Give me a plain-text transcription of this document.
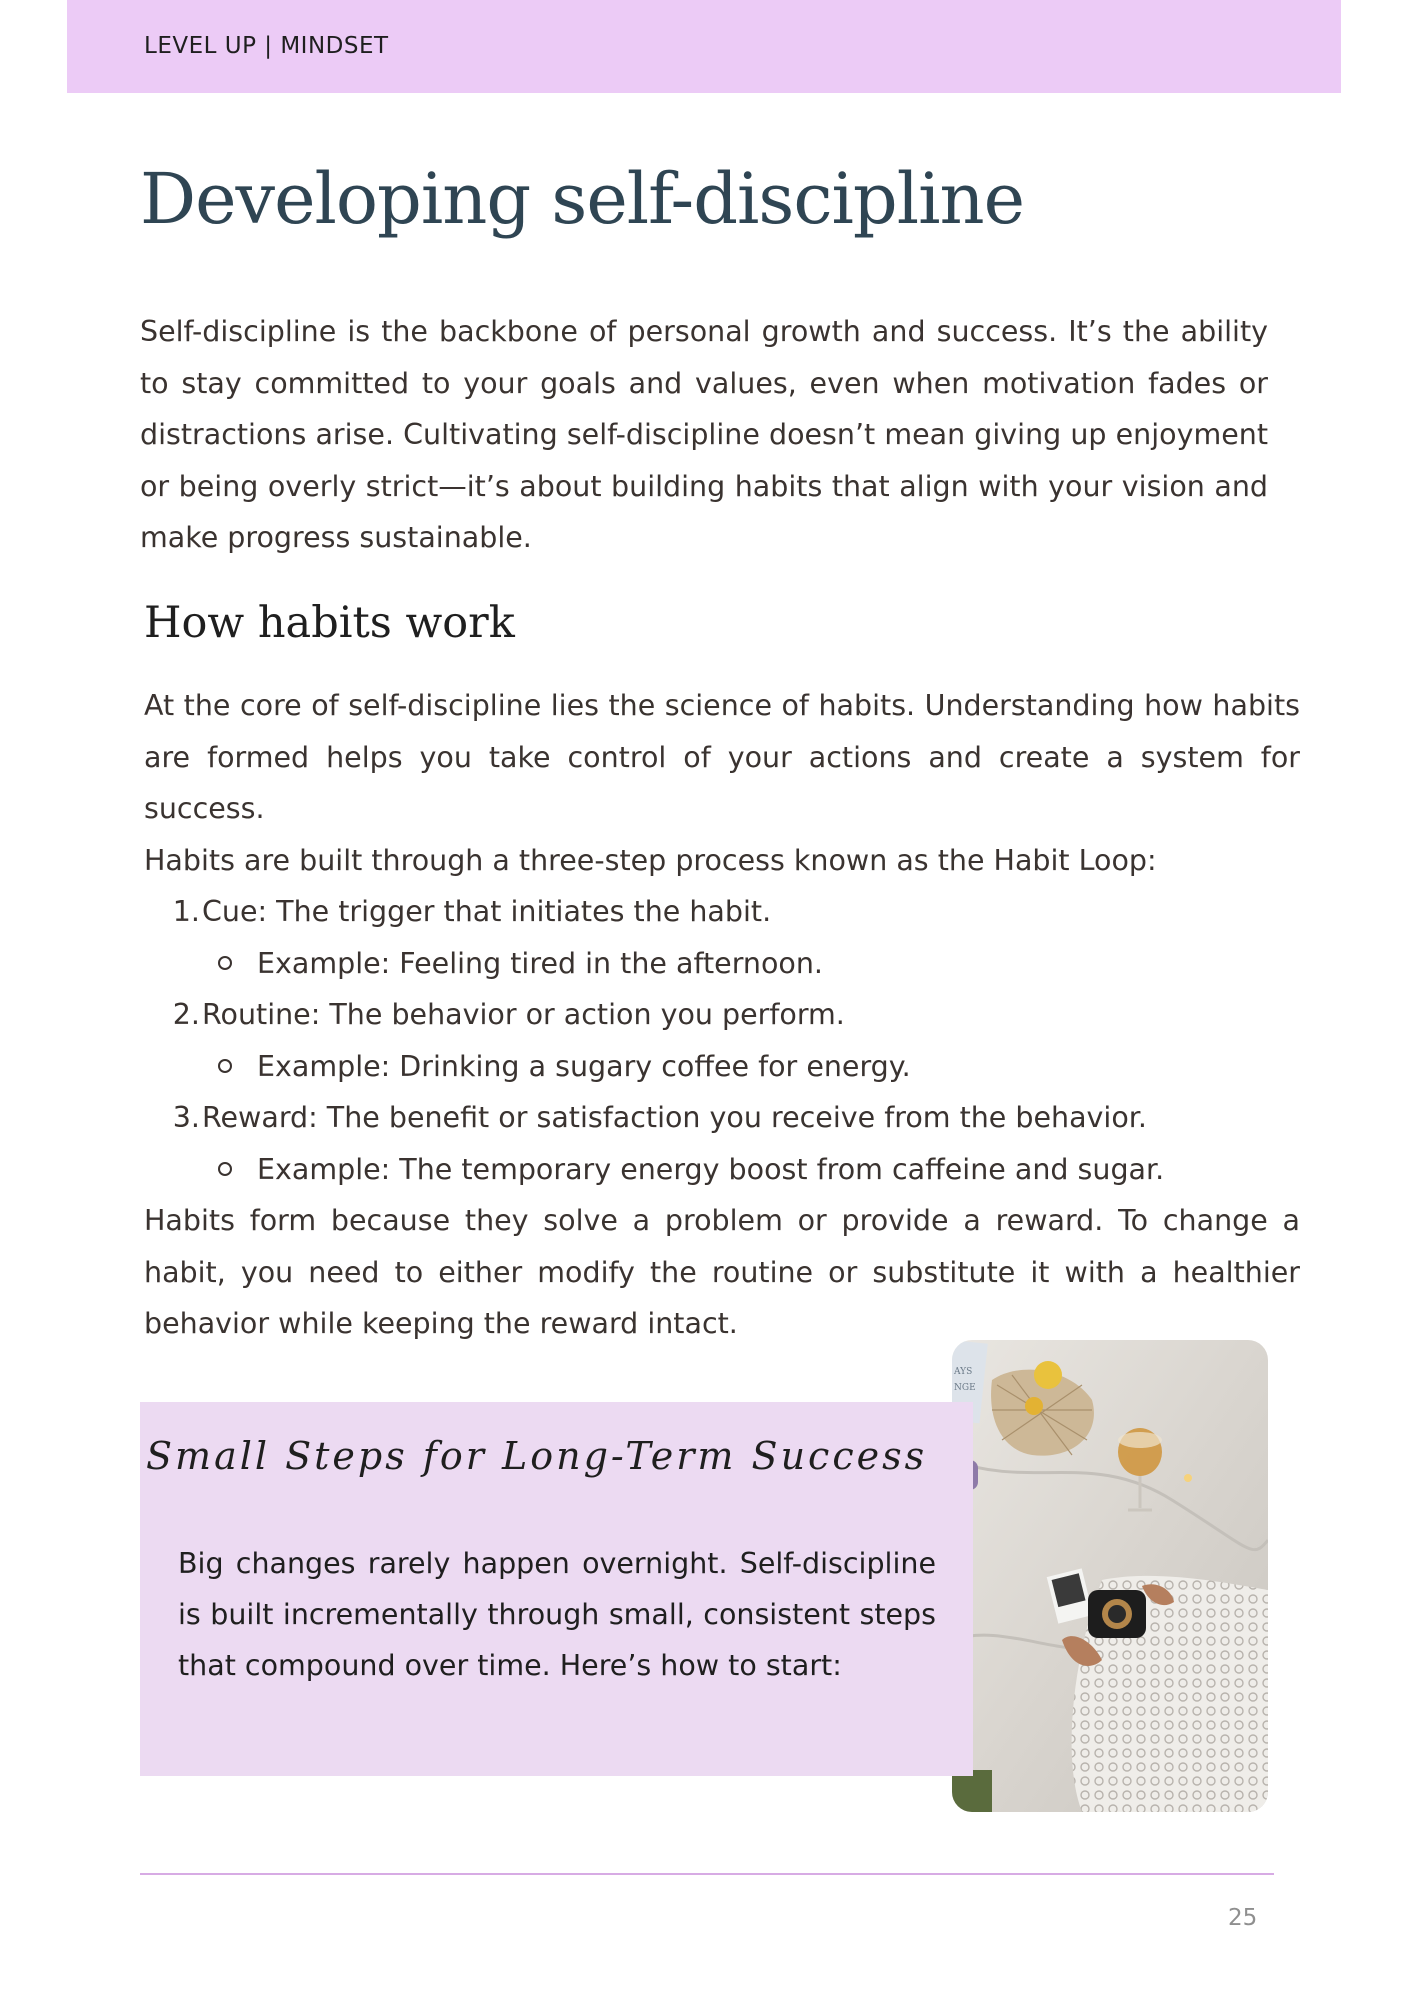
LEVEL UP | MINDSET
Developing self-discipline

Self-discipline is the backbone of personal growth and success. It’s the ability to stay committed to your goals and values, even when motivation fades or distractions arise. Cultivating self-discipline doesn’t mean giving up enjoyment or being overly strict—it’s about building habits that align with your vision and make progress sustainable.

How habits work

At the core of self-discipline lies the science of habits. Understanding how habits are formed helps you take control of your actions and create a system for success.

Habits are built through a three-step process known as the Habit Loop:

1. Cue: The trigger that initiates the habit.
Example: Feeling tired in the afternoon.
2. Routine: The behavior or action you perform.
Example: Drinking a sugary coffee for energy.
3. Reward: The benefit or satisfaction you receive from the behavior.
Example: The temporary energy boost from caffeine and sugar.

Habits form because they solve a problem or provide a reward. To change a habit, you need to either modify the routine or substitute it with a healthier behavior while keeping the reward intact.

AYS
NGE
Small Steps for Long-Term Success

Big changes rarely happen overnight. Self-discipline is built incrementally through small, consistent steps that compound over time. Here’s how to start:

25
